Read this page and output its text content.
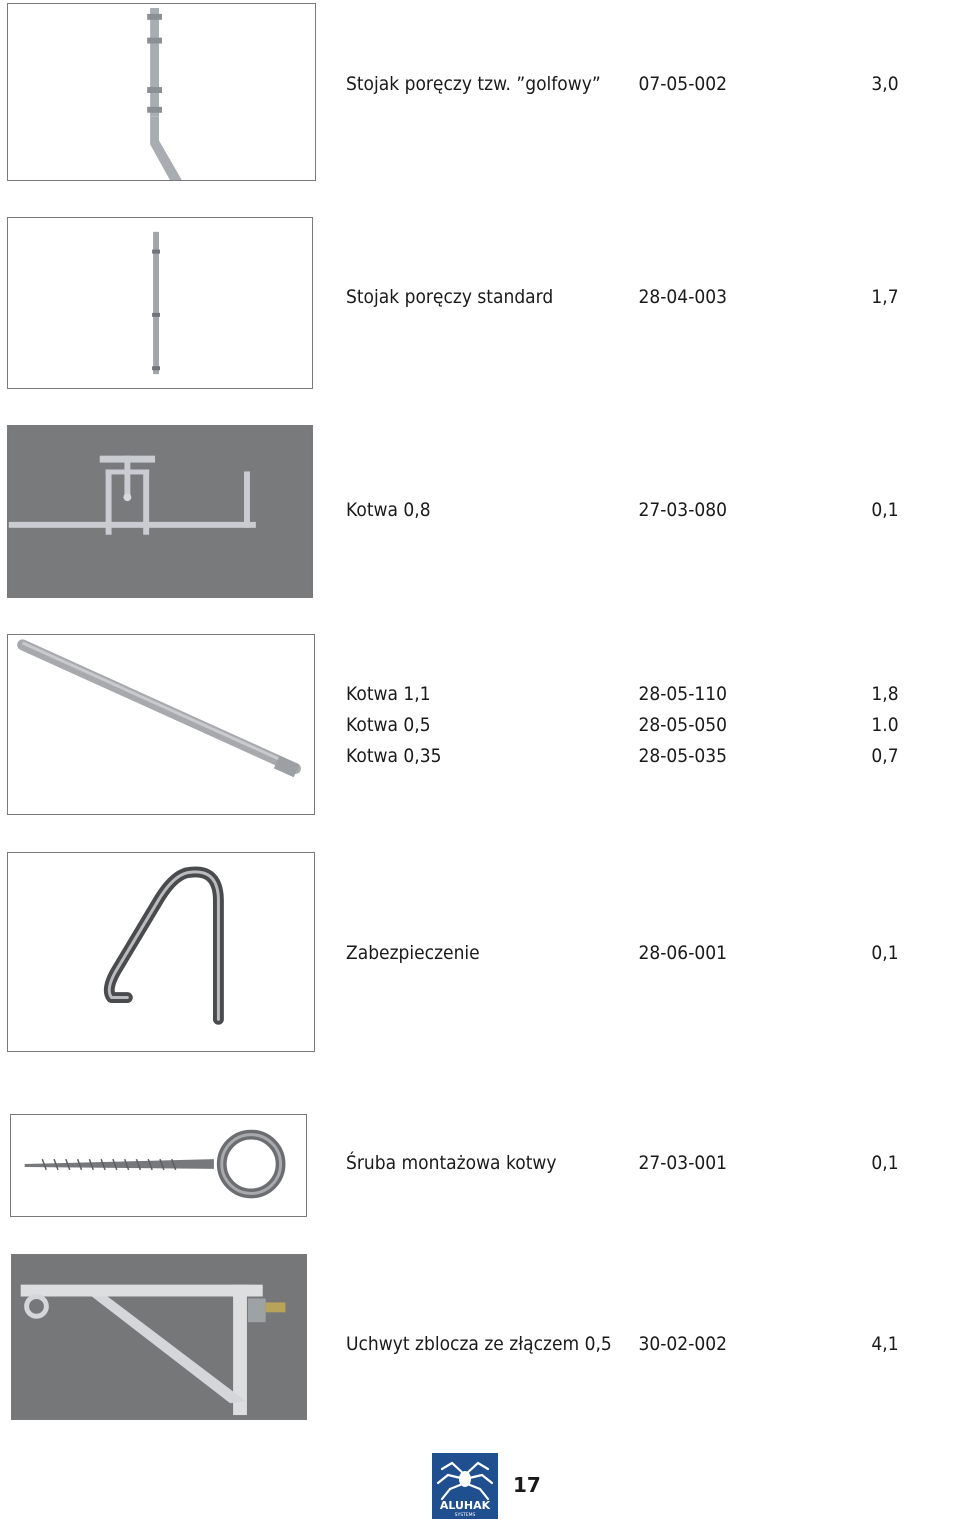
Stojak poręczy tzw. ”golfowy” 07-05-002	3,0
Stojak poręczy standard	28-04-003	1,7
Kotwa 0,8	27-03-080	0,1
Kotwa 1,1	28-05-110	1,8
Kotwa 0,5	28-05-050	1.0
Kotwa 0,35	28-05-035	0,7
Zabezpieczenie	28-06-001	0,1
Śruba montażowa kotwy	27-03-001	0,1
Uchwyt zblocza ze złączem 0,5 30-02-002	4,1
ALUHAK
SYSTEMS
17
